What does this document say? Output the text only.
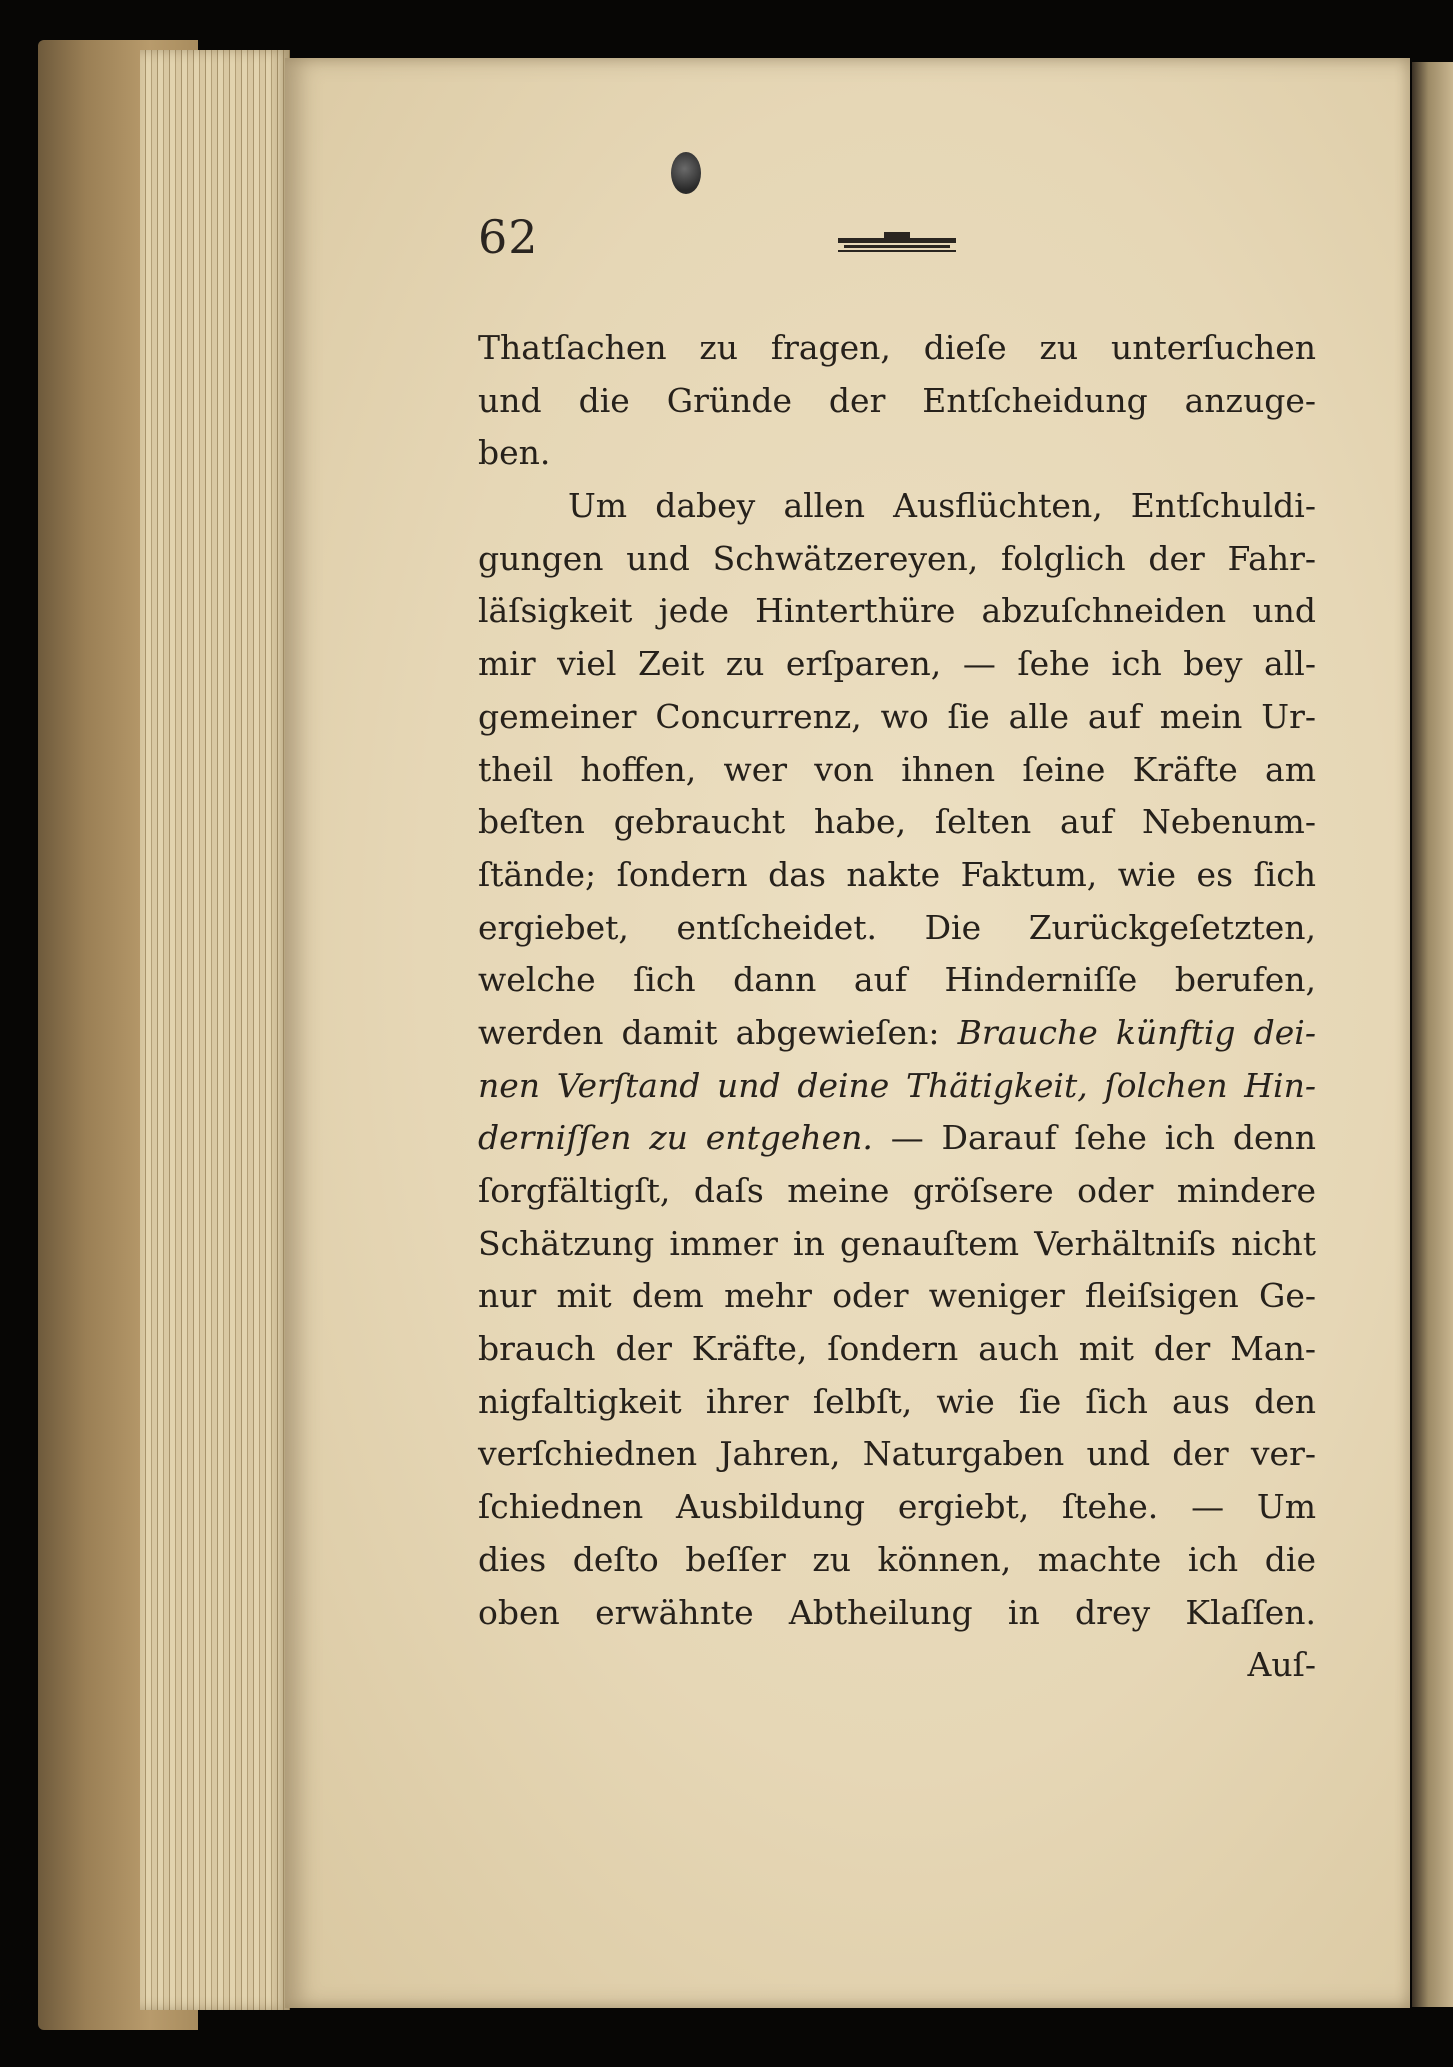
62
Thatſachen zu fragen, dieſe zu unterſuchen
und die Gründe der Entſcheidung anzuge-
ben.
Um dabey allen Ausflüchten, Entſchuldi-
gungen und Schwätzereyen, folglich der Fahr-
läſsigkeit jede Hinterthüre abzuſchneiden und
mir viel Zeit zu erſparen, — ſehe ich bey all-
gemeiner Concurrenz, wo ſie alle auf mein Ur-
theil hoffen, wer von ihnen ſeine Kräfte am
beſten gebraucht habe, ſelten auf Nebenum-
ſtände; ſondern das nakte Faktum, wie es ſich
ergiebet, entſcheidet. Die Zurückgeſetzten,
welche ſich dann auf Hinderniſſe berufen,
werden damit abgewieſen: Brauche künftig dei-
nen Verſtand und deine Thätigkeit, ſolchen Hin-
derniſſen zu entgehen. — Darauf ſehe ich denn
ſorgfältigſt, daſs meine gröſsere oder mindere
Schätzung immer in genauſtem Verhältniſs nicht
nur mit dem mehr oder weniger fleiſsigen Ge-
brauch der Kräfte, ſondern auch mit der Man-
nigfaltigkeit ihrer ſelbſt, wie ſie ſich aus den
verſchiednen Jahren, Naturgaben und der ver-
ſchiednen Ausbildung ergiebt, ſtehe. — Um
dies deſto beſſer zu können, machte ich die
oben erwähnte Abtheilung in drey Klaſſen.
Auſ-
